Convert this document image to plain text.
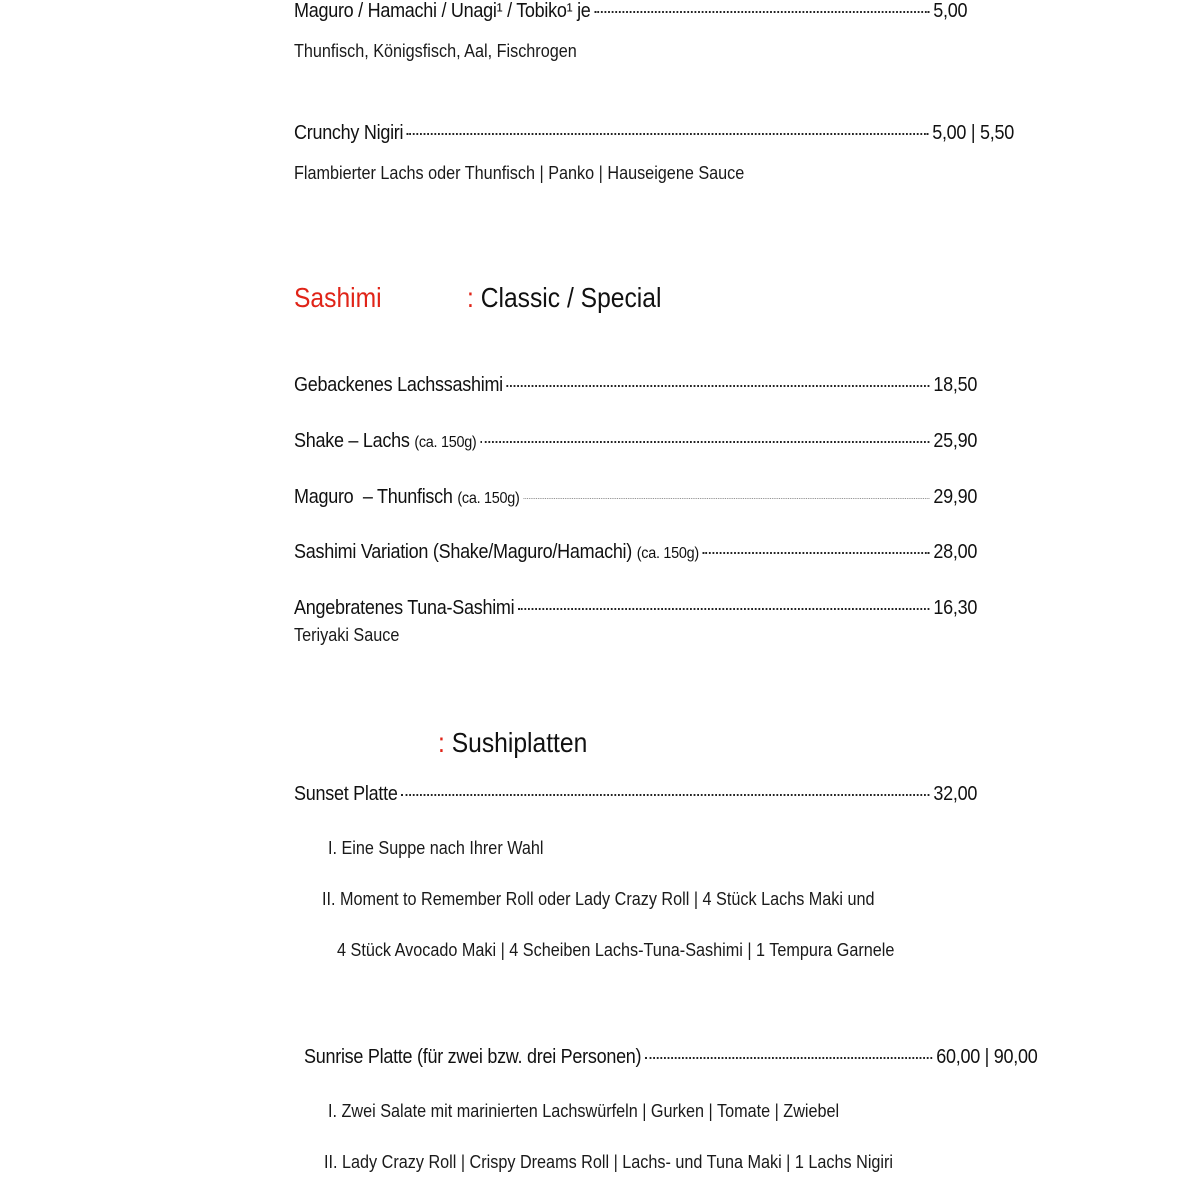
Maguro / Hamachi / Unagi¹ / Tobiko¹ je	5,00
Thunfisch, Königsfisch, Aal, Fischrogen
Crunchy Nigiri	5,00 | 5,50
Flambierter Lachs oder Thunfisch | Panko | Hauseigene Sauce
Sashimi	: Classic / Special
Gebackenes Lachssashimi	18,50
Shake – Lachs (ca. 150g)	25,90
Maguro  – Thunfisch (ca. 150g)	29,90
Sashimi Variation (Shake/Maguro/Hamachi) (ca. 150g)	28,00
Angebratenes Tuna-Sashimi	16,30
Teriyaki Sauce
: Sushiplatten
Sunset Platte	32,00
I. Eine Suppe nach Ihrer Wahl
II. Moment to Remember Roll oder Lady Crazy Roll | 4 Stück Lachs Maki und
4 Stück Avocado Maki | 4 Scheiben Lachs-Tuna-Sashimi | 1 Tempura Garnele
Sunrise Platte (für zwei bzw. drei Personen)	60,00 | 90,00
I. Zwei Salate mit marinierten Lachswürfeln | Gurken | Tomate | Zwiebel
II. Lady Crazy Roll | Crispy Dreams Roll | Lachs- und Tuna Maki | 1 Lachs Nigiri
